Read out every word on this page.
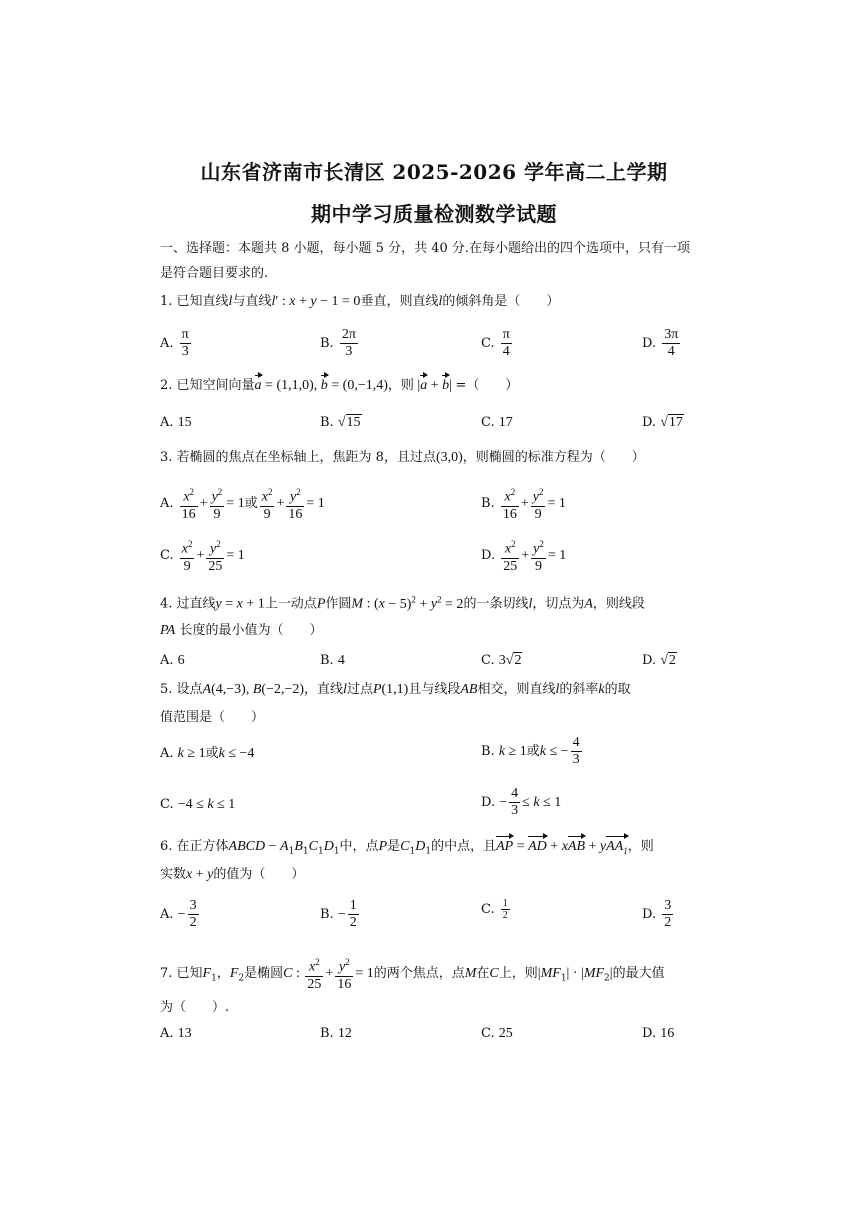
山东省济南市长清区 2025-2026 学年高二上学期
期中学习质量检测数学试题
一、选择题：本题共 8 小题，每小题 5 分，共 40 分.在每小题给出的四个选项中，只有一项
是符合题目要求的.
1. 已知直线l与直线l′ : x + y − 1 = 0垂直，则直线l的倾斜角是（　　）
A. $\frac{\pi}{3}$	B. $\frac{2\pi}{3}$	C. $\frac{\pi}{4}$	D. $\frac{3\pi}{4}$
2. 已知空间向量a = (1,1,0), b = (0,−1,4)，则 |a + b| =（　　）
A. 15	B. √15	C. 17	D. √17
3. 若椭圆的焦点在坐标轴上，焦距为 8，且过点(3,0)，则椭圆的标准方程为（　　）
A. $\frac{x^2}{16} + \frac{y^2}{9} = 1$或 $\frac{x^2}{9} + \frac{y^2}{16} = 1$	B. $\frac{x^2}{16} + \frac{y^2}{9} = 1$
C. $\frac{x^2}{9} + \frac{y^2}{25} = 1$	D. $\frac{x^2}{25} + \frac{y^2}{9} = 1$
4. 过直线y = x + 1上一动点P作圆M : $(x - 5)^2 + y^2 = 2$的一条切线l，切点为A，则线段
PA 长度的最小值为（　　）
A. 6	B. 4	C. 3√2	D. √2
5. 设点A(4,−3), B(−2,−2)，直线l过点P(1,1)且与线段AB相交，则直线l的斜率k的取
值范围是（　　）
A. k ≥ 1或k ≤ −4	B. k ≥ 1或k ≤ − $\frac{4}{3}$
C. −4 ≤ k ≤ 1	D. − $\frac{4}{3} \le k \le 1$
6. 在正方体ABCD − $A_1B_1C_1D_1$中，点P是$C_1D_1$的中点，且AP = AD + xAB + yAA$_1$，则
实数x + y的值为（　　）
A. − $\frac{3}{2}$	B. − $\frac{1}{2}$	C. $\frac{1}{2}$	D. $\frac{3}{2}$
7. 已知$F_1$，$F_2$是椭圆C : $\frac{x^2}{25} + \frac{y^2}{16} = 1$的两个焦点，点M在C上，则$|MF_1| \cdot |MF_2|$的最大值
为（　　）.
A. 13	B. 12	C. 25	D. 16
